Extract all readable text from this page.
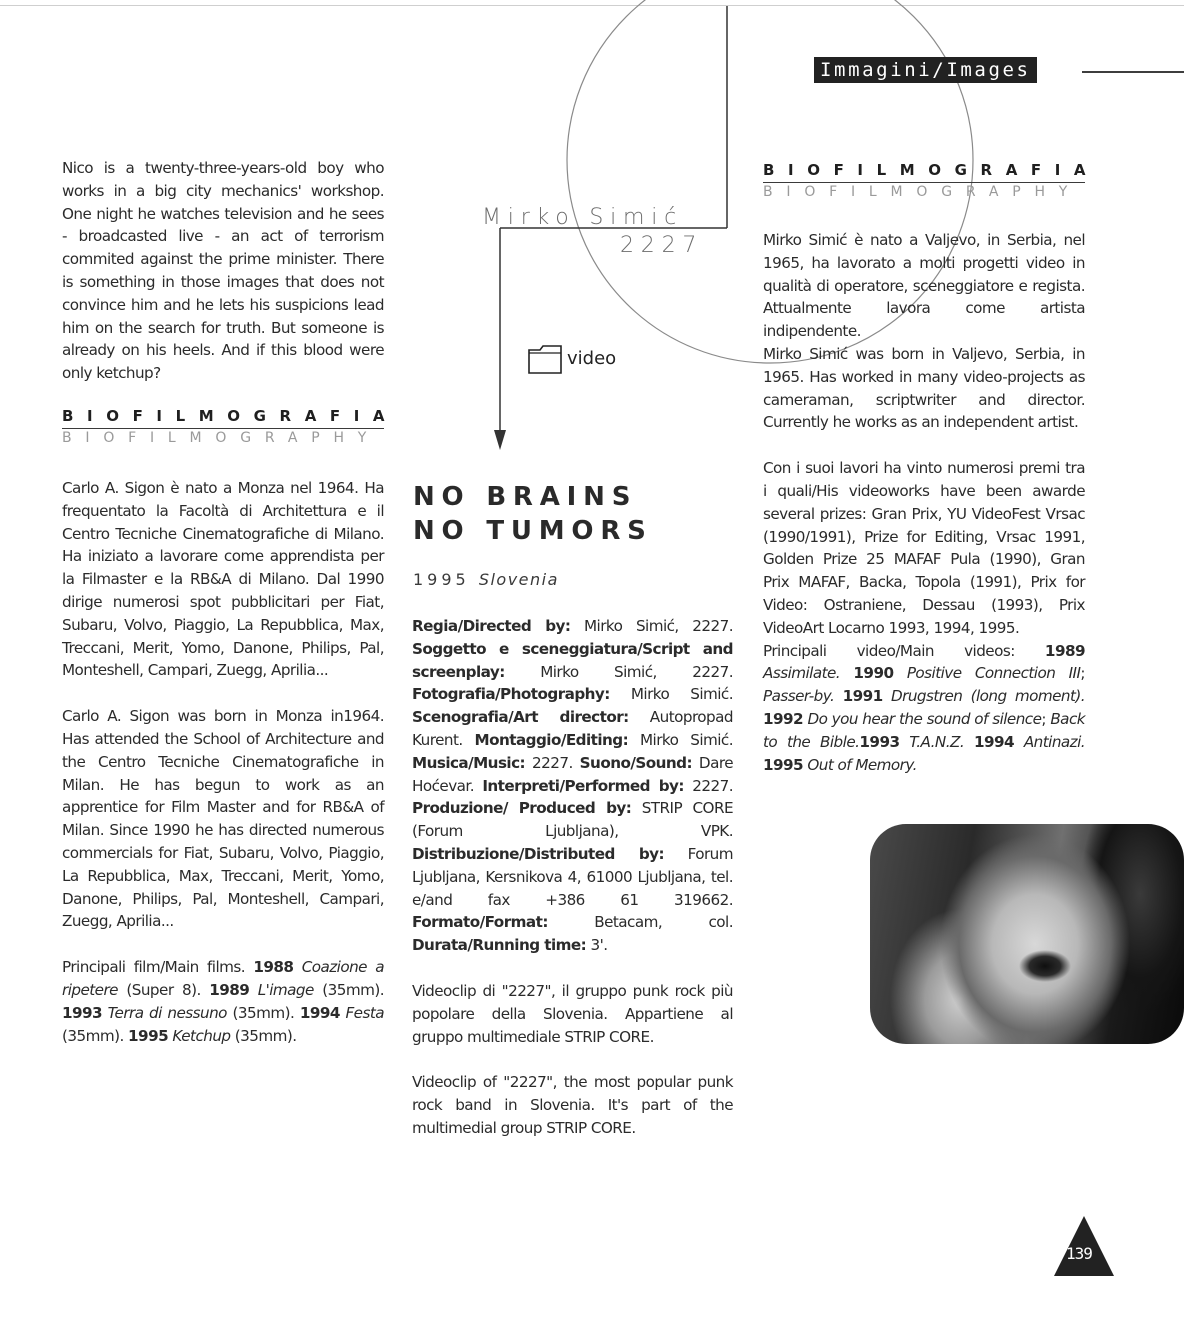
Immagini/Images
Mirko Simić
2227
video

Nico is a twenty-three-years-old boy who works in a big city mechanics' workshop. One night he watches television and he sees - broadcasted live - an act of terrorism commited against the prime minister. There is something in those images that does not convince him and he lets his suspicions lead him on the search for truth. But someone is already on his heels. And if this blood were only ketchup?

BIOFILMOGRAFIA
BIOFILMOGRAPHY

Carlo A. Sigon è nato a Monza nel 1964. Ha frequentato la Facoltà di Architettura e il Centro Tecniche Cinematografiche di Milano. Ha iniziato a lavorare come apprendista per la Filmaster e la RB&A di Milano. Dal 1990 dirige numerosi spot pubblicitari per Fiat, Subaru, Volvo, Piaggio, La Repubblica, Max, Treccani, Merit, Yomo, Danone, Philips, Pal, Monteshell, Campari, Zuegg, Aprilia...

Carlo A. Sigon was born in Monza in1964. Has attended the School of Architecture and the Centro Tecniche Cinematografiche in Milan. He has begun to work as an apprentice for Film Master and for RB&A of Milan. Since 1990 he has directed numerous commercials for Fiat, Subaru, Volvo, Piaggio, La Repubblica, Max, Treccani, Merit, Yomo, Danone, Philips, Pal, Monteshell, Campari, Zuegg, Aprilia...

Principali film/Main films. 1988 Coazione a ripetere (Super 8). 1989 L'image (35mm). 1993 Terra di nessuno (35mm). 1994 Festa (35mm). 1995 Ketchup (35mm).

NO BRAINS
NO TUMORS
1995 Slovenia

Regia/Directed by: Mirko Simić, 2227. Soggetto e sceneggiatura/Script and screenplay: Mirko Simić, 2227. Fotografia/Photography: Mirko Simić. Scenografia/Art director: Autopropad Kurent. Montaggio/Editing: Mirko Simić. Musica/Music: 2227. Suono/Sound: Dare Hoćevar. Interpreti/Performed by: 2227. Produzione/ Produced by: STRIP CORE (Forum Ljubljana), VPK. Distribuzione/Distributed by: Forum Ljubljana, Kersnikova 4, 61000 Ljubljana, tel. e/and fax +386 61 319662. Formato/Format: Betacam, col. Durata/Running time: 3'.

Videoclip di "2227", il gruppo punk rock più popolare della Slovenia. Appartiene al gruppo multimediale STRIP CORE.

Videoclip of "2227", the most popular punk rock band in Slovenia. It's part of the multimedial group STRIP CORE.

BIOFILMOGRAFIA
BIOFILMOGRAPHY

Mirko Simić è nato a Valjevo, in Serbia, nel 1965, ha lavorato a molti progetti video in qualità di operatore, sceneggiatore e regista. Attualmente lavora come artista indipendente.

Mirko Simić was born in Valjevo, Serbia, in 1965. Has worked in many video-projects as cameraman, scriptwriter and director. Currently he works as an independent artist.

Con i suoi lavori ha vinto numerosi premi tra i quali/His videoworks have been awarde several prizes: Gran Prix, YU VideoFest Vrsac (1990/1991), Prize for Editing, Vrsac 1991, Golden Prize 25 MAFAF Pula (1990), Gran Prix MAFAF, Backa, Topola (1991), Prix for Video: Ostraniene, Dessau (1993), Prix VideoArt Locarno 1993, 1994, 1995.

Principali video/Main videos: 1989 Assimilate. 1990 Positive Connection III; Passer-by. 1991 Drugstren (long moment). 1992 Do you hear the sound of silence; Back to the Bible.1993 T.A.N.Z. 1994 Antinazi. 1995 Out of Memory.

139
